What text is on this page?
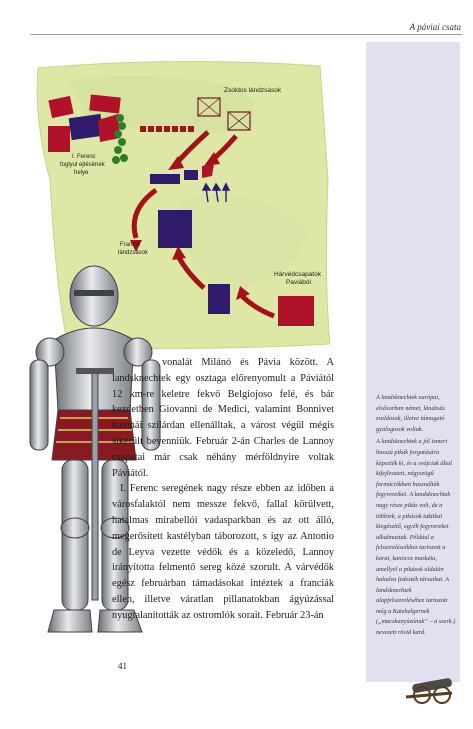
A páviai csata
Zsoldos lándzsások
I. Ferenc foglyul ejtésének helye
Francia lándzsások
Hárvédcsapatok Paviából

vonalát Milánó és Pávia között. A landsknechtek egy osztaga előrenyomult a Páviától 12 km-re keletre fekvő Belgiojoso felé, és bár kezdetben Giovanni de Medici, valamint Bonnivet katonái szilárdan ellenálltak, a várost végül mégis sikerült bevenniük. Február 2-án Charles de Lannoy csapatai már csak néhány mérföldnyire voltak Páviától.

I. Ferenc seregének nagy része ebben az időben a városfalaktól nem messze fekvő, fallal körülvett, hatalmas mirabellói vadasparkban és az ott álló, megerősített kastélyban táborozott, s így az Antonio de Leyva vezette védők és a közeledő, Lannoy irányította felmentő sereg közé szorult. A várvédők egész februárban támadásokat intéztek a franciák ellen, illetve váratlan pillanatokban ágyúzással nyugtalanították az ostromlók sorait. Február 23-án

A landsknechtek európai, elsősorban német, lándzsás zsoldosok, illetve támogató gyalogosok voltak.

A landsknechtek a jól ismert hosszú pikák forgatására képezték ki, és a svájciak által kifejlesztett, négyszögű formációkban használták fegyvereiket. A landsknechtek nagy része pikás volt, de a többiek, a pikások taktikai kiegészítő, egyéb fegyvereket alkalmaztak. Például a felszereléseikhez tartozott a korai, kanócos muskéta, amellyel a pikások oldalán haladva fedezték társaikat. A landsknechtek alapfelszereléséhez tartozott még a Katzbalgernek („macskanyúzónak” – a szerk.) nevezett rövid kard.

41
